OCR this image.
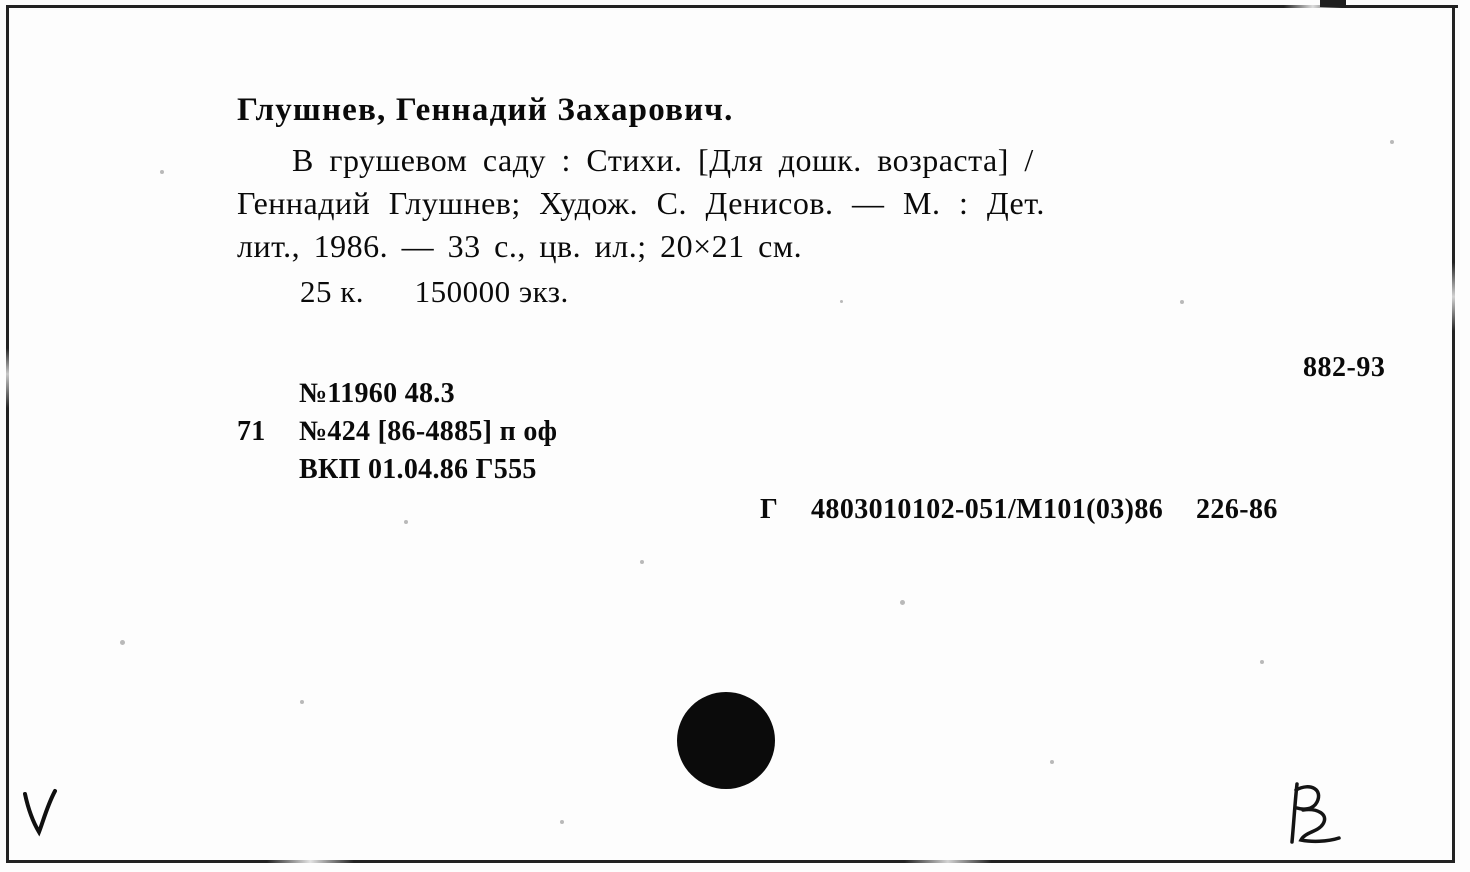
Глушнев, Геннадий Захарович.
В грушевом саду : Стихи. [Для дошк. возраста] /
Геннадий Глушнев; Худож. С. Денисов. — М. : Дет.
лит., 1986. — 33 с., цв. ил.; 20×21 см.
25 к. 150000 экз.
882-93
№11960 48.3
71 №424 [86-4885] п оф
ВКП 01.04.86 Г555
Г 4803010102-051/М101(03)86 226-86
